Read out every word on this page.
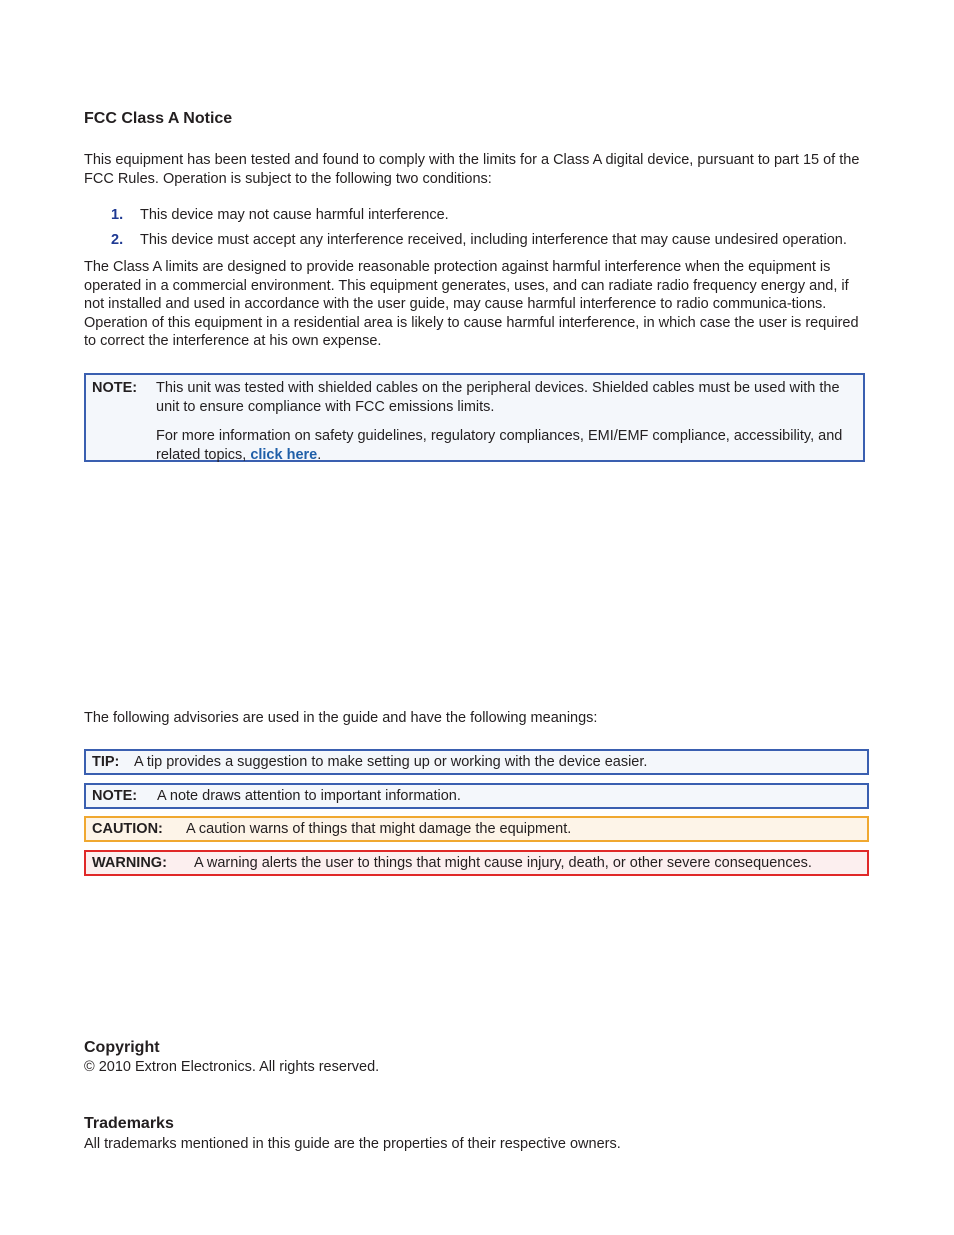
FCC Class A Notice

This equipment has been tested and found to comply with the limits for a Class A digital device, pursuant to part 15 of the FCC Rules. Operation is subject to the following two conditions:

1. This device may not cause harmful interference.
2. This device must accept any interference received, including interference that may cause undesired operation.

The Class A limits are designed to provide reasonable protection against harmful interference when the equipment is operated in a commercial environment. This equipment generates, uses, and can radiate radio frequency energy and, if not installed and used in accordance with the user guide, may cause harmful interference to radio communica-tions. Operation of this equipment in a residential area is likely to cause harmful interference, in which case the user is required to correct the interference at his own expense.

NOTE: This unit was tested with shielded cables on the peripheral devices. Shielded cables must be used with the unit to ensure compliance with FCC emissions limits.

For more information on safety guidelines, regulatory compliances, EMI/EMF compliance, accessibility, and related topics, click here.

The following advisories are used in the guide and have the following meanings:

TIP: A tip provides a suggestion to make setting up or working with the device easier.
NOTE: A note draws attention to important information.
CAUTION: A caution warns of things that might damage the equipment.
WARNING: A warning alerts the user to things that might cause injury, death, or other severe consequences.
Copyright

© 2010 Extron Electronics. All rights reserved.

Trademarks

All trademarks mentioned in this guide are the properties of their respective owners.
